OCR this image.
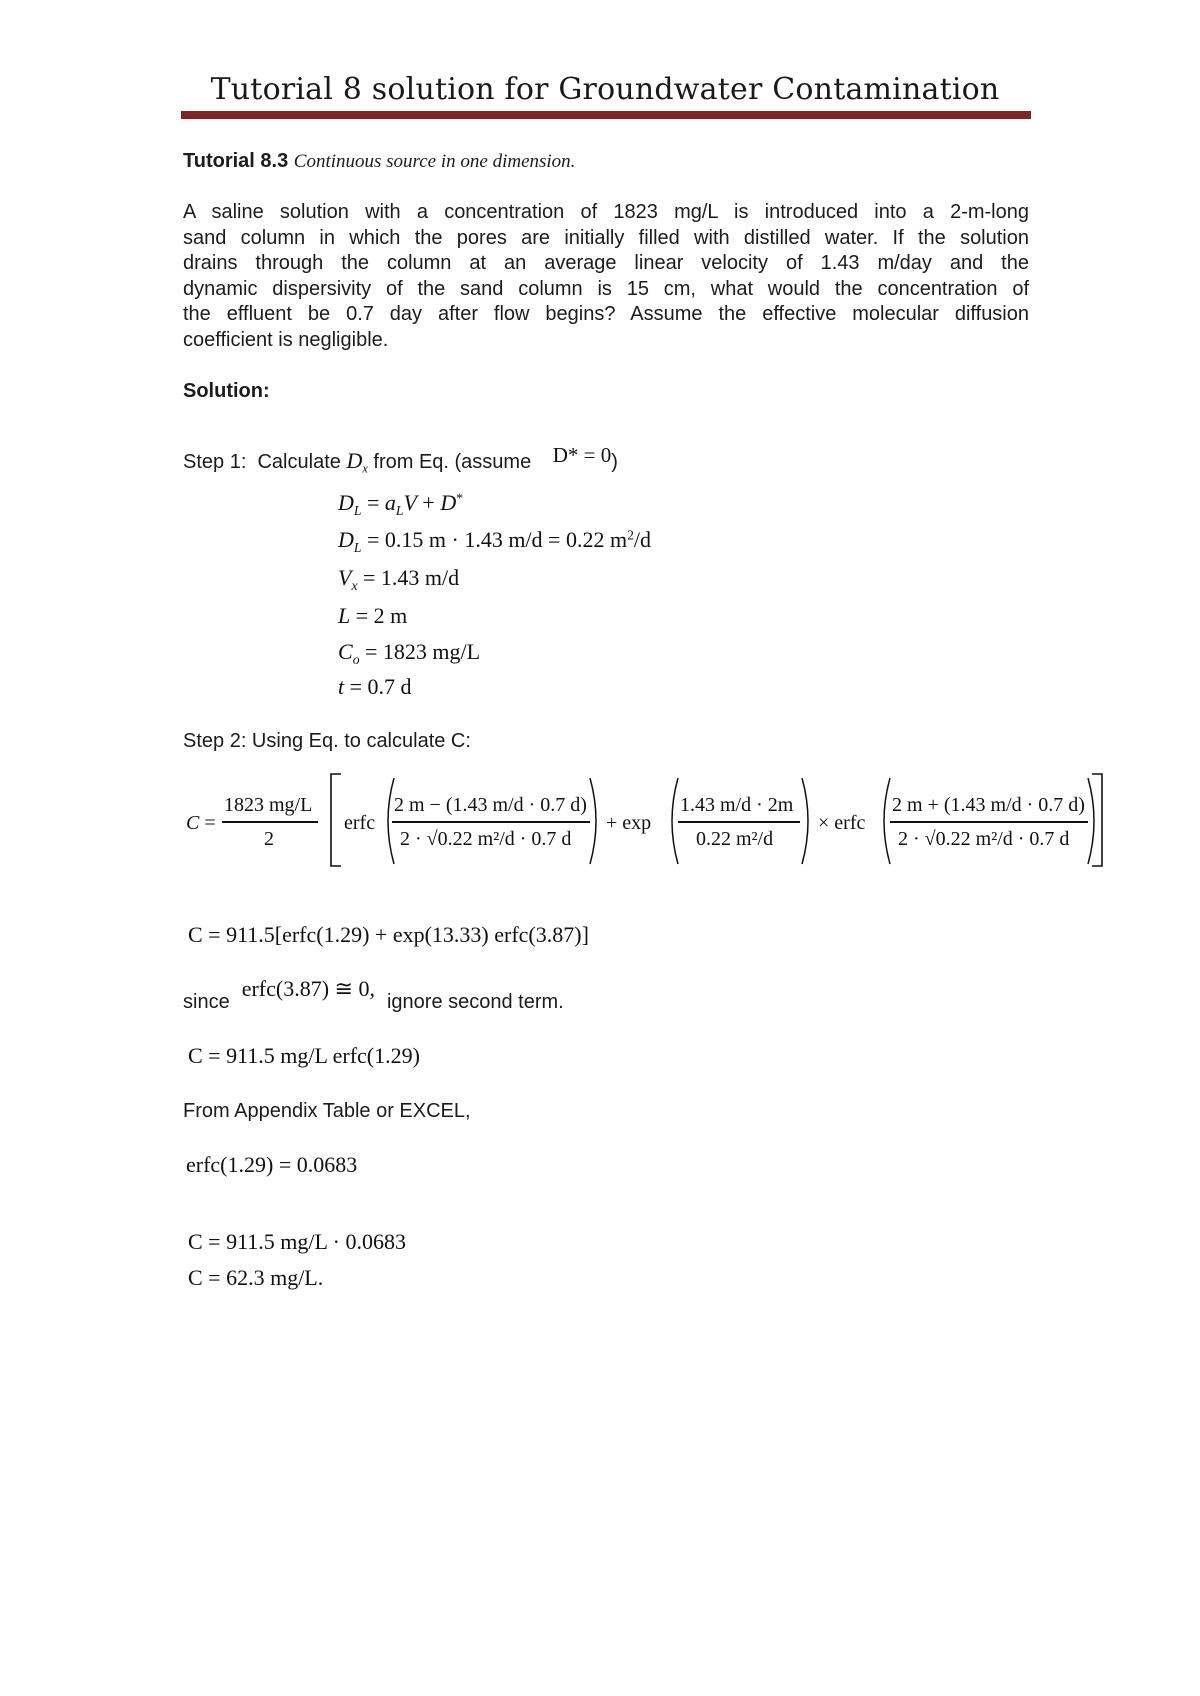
Tutorial 8 solution for Groundwater Contamination
Tutorial 8.3 Continuous source in one dimension.
A saline solution with a concentration of 1823 mg/L is introduced into a 2-m-long
sand column in which the pores are initially filled with distilled water. If the solution
drains through the column at an average linear velocity of 1.43 m/day and the
dynamic dispersivity of the sand column is 15 cm, what would the concentration of
the effluent be 0.7 day after flow begins? Assume the effective molecular diffusion
coefficient is negligible.
Solution:
Step 1:  Calculate $D_x$ from Eq. (assume D* = 0)
$D_L = a_LV + D^*$
$D_L = 0.15$ m · 1.43 m/d = 0.22 $m^2/d$
$V_x = 1.43$ m/d
L = 2 m
$C_o = 1823$ mg/L
t = 0.7 d
Step 2: Using Eq. to calculate C:
C =
1823 mg/L
2
erfc
2 m − (1.43 m/d · 0.7 d)
2 · √0.22 m²/d · 0.7 d
+ exp
1.43 m/d · 2m
0.22 m²/d
× erfc
2 m + (1.43 m/d · 0.7 d)
2 · √0.22 m²/d · 0.7 d
C = 911.5[erfc(1.29) + exp(13.33) erfc(3.87)]
since erfc(3.87) ≅ 0, ignore second term.
C = 911.5 mg/L erfc(1.29)
From Appendix Table or EXCEL,
erfc(1.29) = 0.0683
C = 911.5 mg/L · 0.0683
C = 62.3 mg/L.
